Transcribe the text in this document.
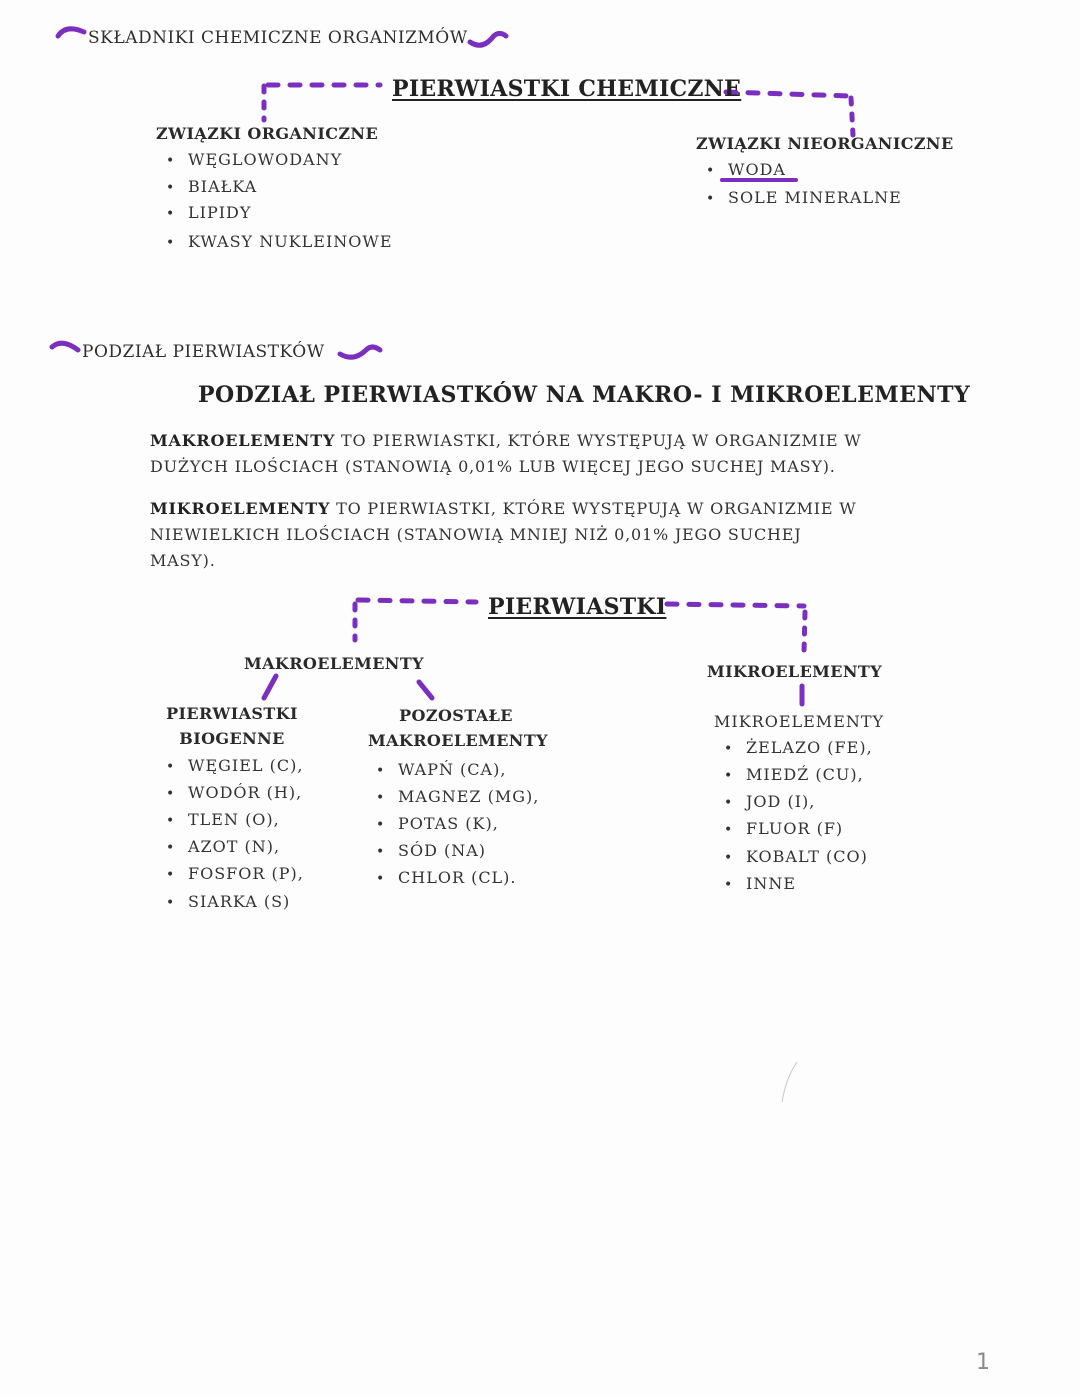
SKŁADNIKI CHEMICZNE ORGANIZMÓW
PIERWIASTKI CHEMICZNE
ZWIĄZKI ORGANICZNE
• WĘGLOWODANY
• BIAŁKA
• LIPIDY
• KWASY NUKLEINOWE
ZWIĄZKI NIEORGANICZNE
• WODA
• SOLE MINERALNE
PODZIAŁ PIERWIASTKÓW
PODZIAŁ PIERWIASTKÓW NA MAKRO- I MIKROELEMENTY
MAKROELEMENTY TO PIERWIASTKI, KTÓRE WYSTĘPUJĄ W ORGANIZMIE W DUŻYCH ILOŚCIACH (STANOWIĄ 0,01% LUB WIĘCEJ JEGO SUCHEJ MASY).
MIKROELEMENTY TO PIERWIASTKI, KTÓRE WYSTĘPUJĄ W ORGANIZMIE W NIEWIELKICH ILOŚCIACH (STANOWIĄ MNIEJ NIŻ 0,01% JEGO SUCHEJ MASY).
PIERWIASTKI
MAKROELEMENTY	MIKROELEMENTY
PIERWIASTKI
BIOGENNE
• WĘGIEL (C),
• WODÓR (H),
• TLEN (O),
• AZOT (N),
• FOSFOR (P),
• SIARKA (S)
POZOSTAŁE
MAKROELEMENTY
• WAPŃ (CA),
• MAGNEZ (MG),
• POTAS (K),
• SÓD (NA)
• CHLOR (CL).
MIKROELEMENTY
• ŻELAZO (FE),
• MIEDŹ (CU),
• JOD (I),
• FLUOR (F)
• KOBALT (CO)
• INNE
1
